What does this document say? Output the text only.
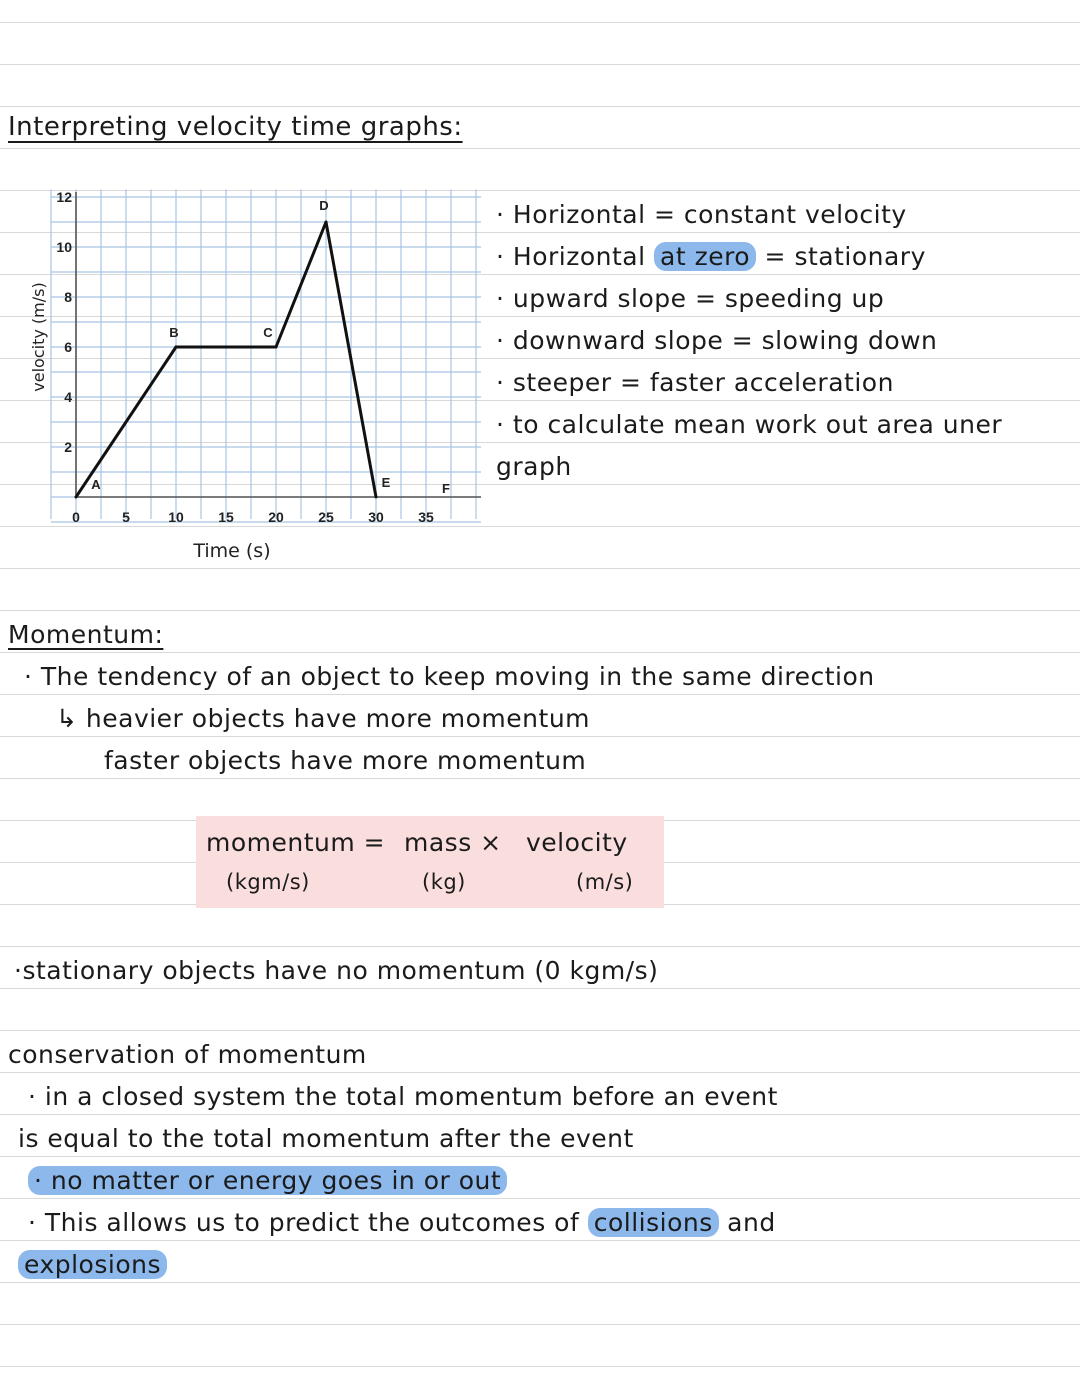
Interpreting velocity time graphs:
0	5	10 15 20 25 30 35
12
10
8
6
4
2
A
B	C
D
E	F
Time (s)
velocity (m/s)
· Horizontal = constant velocity
· Horizontal at zero = stationary
· upward slope = speeding up
· downward slope = slowing down
· steeper = faster acceleration
· to calculate mean work out area uner
graph
Momentum:
· The tendency of an object to keep moving in the same direction
↳ heavier objects have more momentum
faster objects have more momentum
momentum = mass × velocity
(kgm/s)	(kg)	(m/s)
·stationary objects have no momentum (0 kgm/s)
conservation of momentum
· in a closed system the total momentum before an event
is equal to the total momentum after the event
· no matter or energy goes in or out
· This allows us to predict the outcomes of collisions and
explosions
